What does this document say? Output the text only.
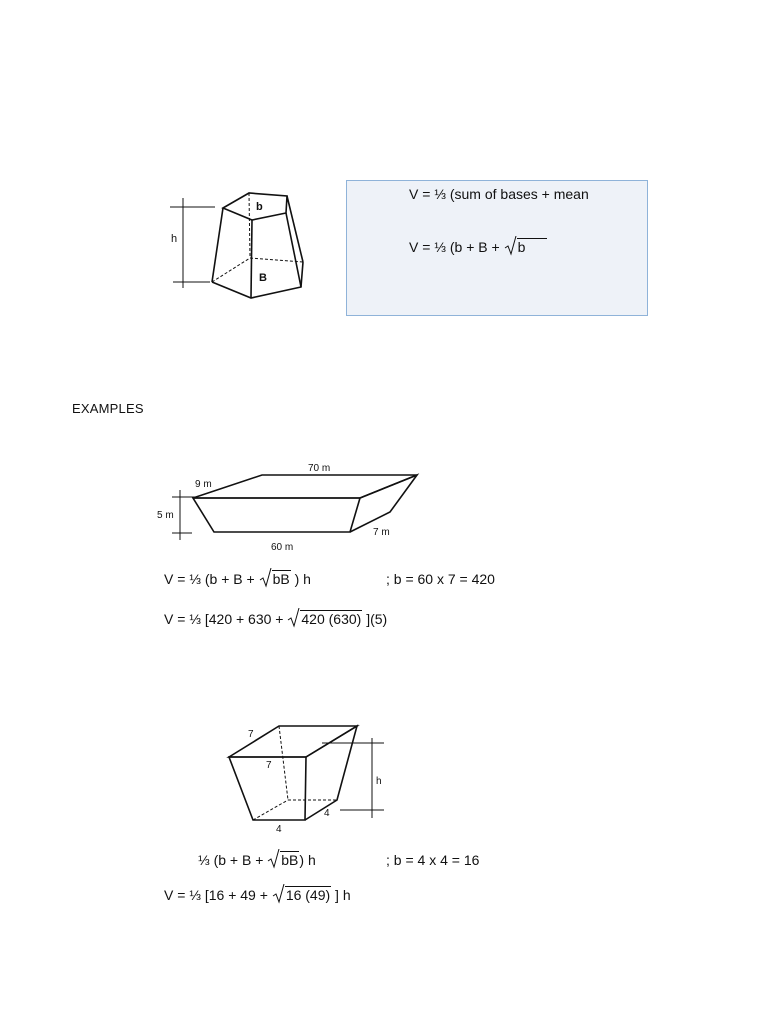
h
b
B
V = ⅓ (sum of bases + mean
V = ⅓ (b + B +
b
EXAMPLES
70 m
9 m
5 m
7 m
60 m
V = ⅓ (b + B +
bB ) h	; b = 60 x 7 = 420
V = ⅓ [420 + 630 +
420 (630) ](5)
7
7
h
4
4
⅓ (b + B +
bB) h	; b = 4 x 4 = 16
V = ⅓ [16 + 49 +
16 (49) ] h
